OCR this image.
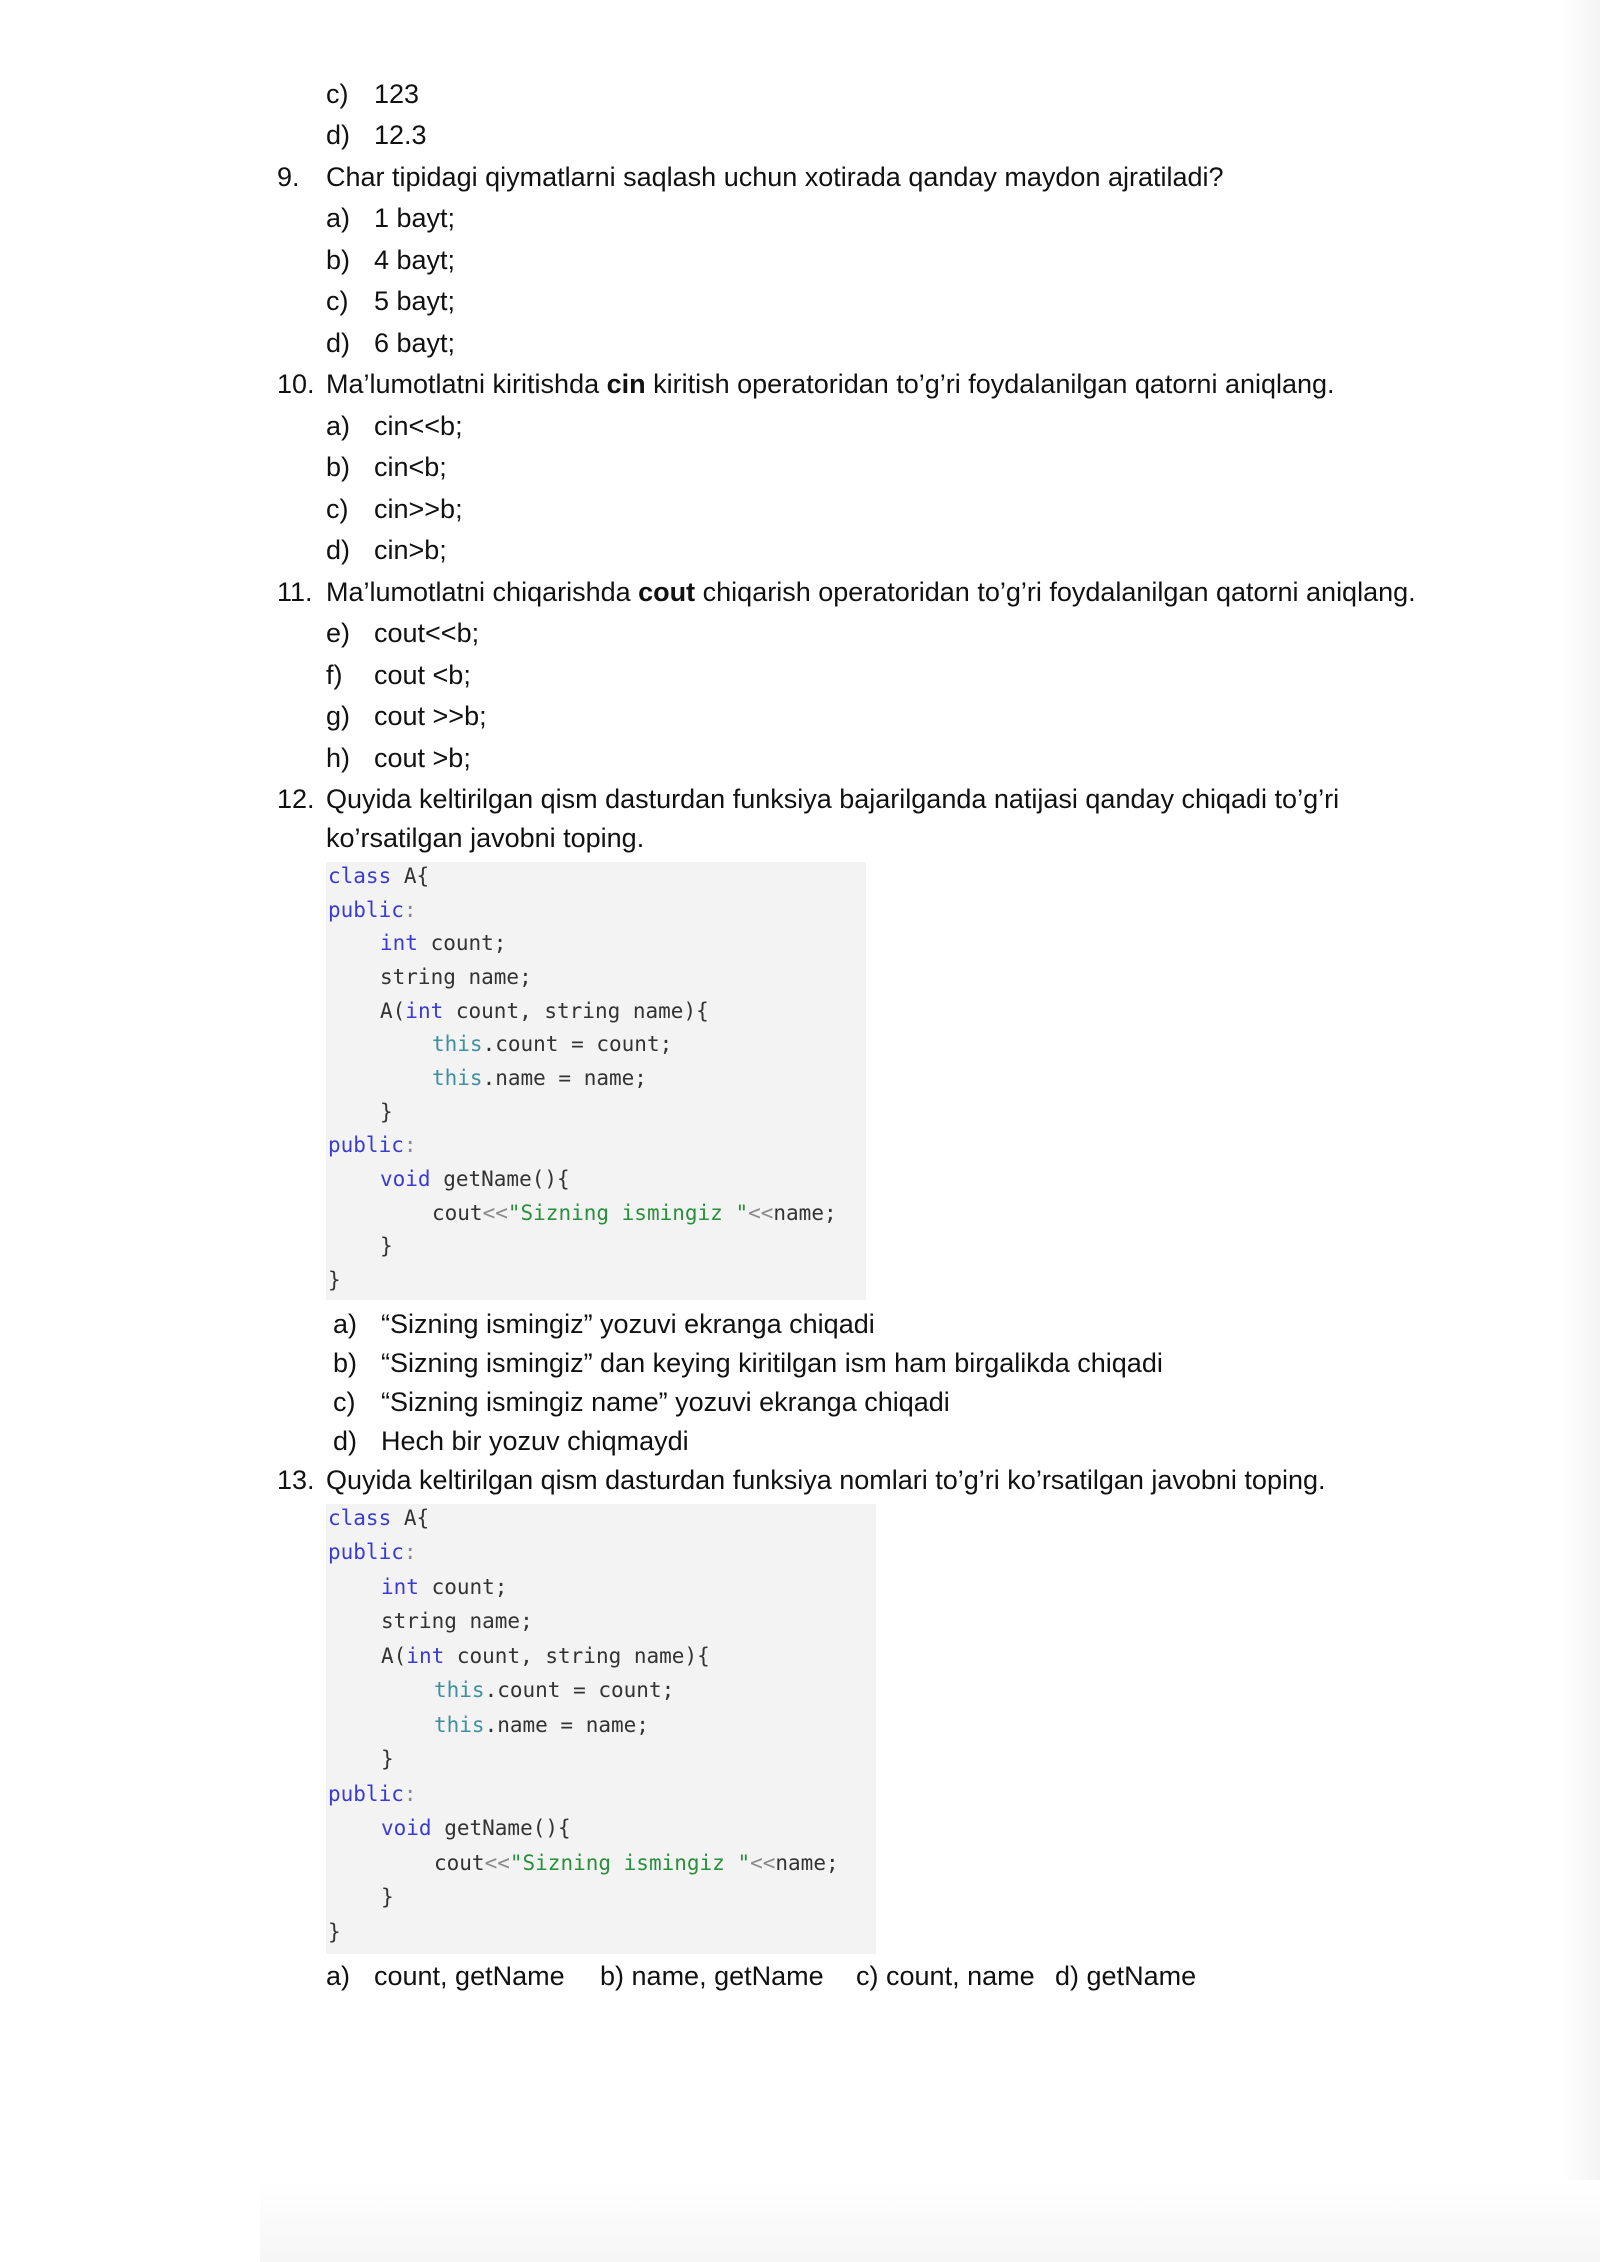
c) 123
d) 12.3
9. Char tipidagi qiymatlarni saqlash uchun xotirada qanday maydon ajratiladi?
a) 1 bayt;
b) 4 bayt;
c) 5 bayt;
d) 6 bayt;
10. Ma’lumotlatni kiritishda cin kiritish operatoridan to’g’ri foydalanilgan qatorni aniqlang.
a) cin<<b;
b) cin<b;
c) cin>>b;
d) cin>b;
11. Ma’lumotlatni chiqarishda cout chiqarish operatoridan to’g’ri foydalanilgan qatorni aniqlang.
e) cout<<b;
f) cout <b;
g) cout >>b;
h) cout >b;
12. Quyida keltirilgan qism dasturdan funksiya bajarilganda natijasi qanday chiqadi to’g’ri
ko’rsatilgan javobni toping.
class A{
public:
int count;
string name;
A(int count, string name){
this.count = count;
this.name = name;
}
public:
void getName(){
cout<<"Sizning ismingiz "<<name;
}
}
a) “Sizning ismingiz” yozuvi ekranga chiqadi
b) “Sizning ismingiz” dan keying kiritilgan ism ham birgalikda chiqadi
c) “Sizning ismingiz name” yozuvi ekranga chiqadi
d) Hech bir yozuv chiqmaydi
13. Quyida keltirilgan qism dasturdan funksiya nomlari to’g’ri ko’rsatilgan javobni toping.
class A{
public:
int count;
string name;
A(int count, string name){
this.count = count;
this.name = name;
}
public:
void getName(){
cout<<"Sizning ismingiz "<<name;
}
}
a) count, getName b) name, getName c) count, name d) getName
